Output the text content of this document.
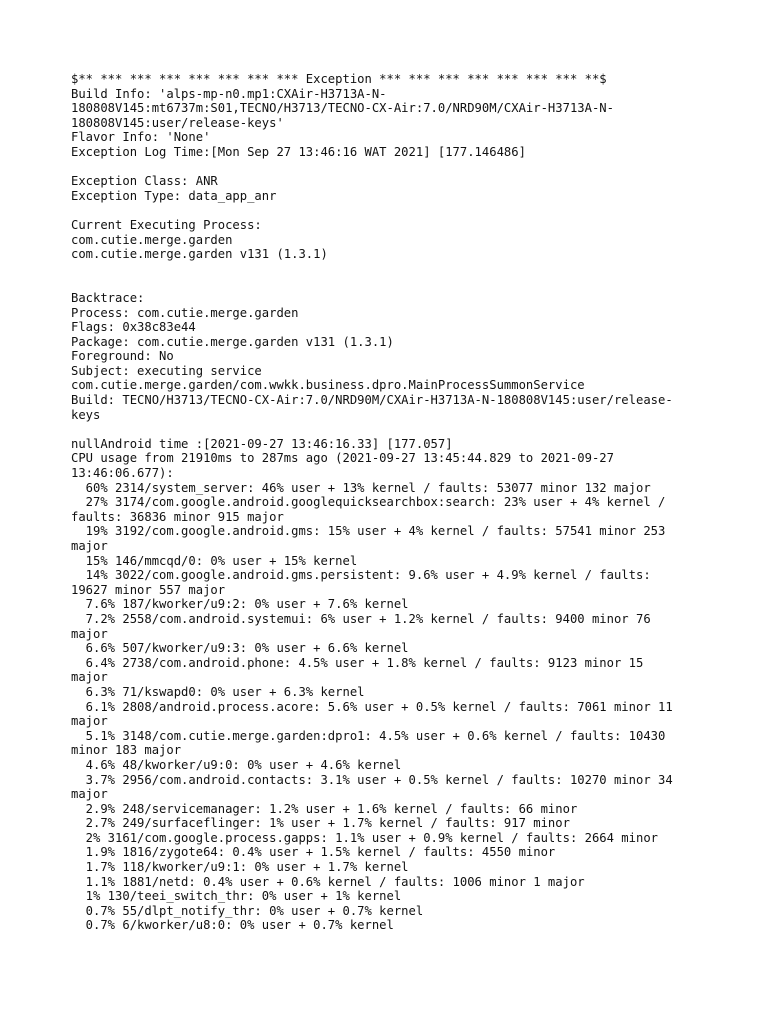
$** *** *** *** *** *** *** *** Exception *** *** *** *** *** *** *** **$
Build Info: 'alps-mp-n0.mp1:CXAir-H3713A-N-
180808V145:mt6737m:S01,TECNO/H3713/TECNO-CX-Air:7.0/NRD90M/CXAir-H3713A-N-
180808V145:user/release-keys'
Flavor Info: 'None'
Exception Log Time:[Mon Sep 27 13:46:16 WAT 2021] [177.146486]
Exception Class: ANR
Exception Type: data_app_anr
Current Executing Process:
com.cutie.merge.garden
com.cutie.merge.garden v131 (1.3.1)
Backtrace:
Process: com.cutie.merge.garden
Flags: 0x38c83e44
Package: com.cutie.merge.garden v131 (1.3.1)
Foreground: No
Subject: executing service
com.cutie.merge.garden/com.wwkk.business.dpro.MainProcessSummonService
Build: TECNO/H3713/TECNO-CX-Air:7.0/NRD90M/CXAir-H3713A-N-180808V145:user/release-
keys
nullAndroid time :[2021-09-27 13:46:16.33] [177.057]
CPU usage from 21910ms to 287ms ago (2021-09-27 13:45:44.829 to 2021-09-27
13:46:06.677):
60% 2314/system_server: 46% user + 13% kernel / faults: 53077 minor 132 major
27% 3174/com.google.android.googlequicksearchbox:search: 23% user + 4% kernel /
faults: 36836 minor 915 major
19% 3192/com.google.android.gms: 15% user + 4% kernel / faults: 57541 minor 253
major
15% 146/mmcqd/0: 0% user + 15% kernel
14% 3022/com.google.android.gms.persistent: 9.6% user + 4.9% kernel / faults:
19627 minor 557 major
7.6% 187/kworker/u9:2: 0% user + 7.6% kernel
7.2% 2558/com.android.systemui: 6% user + 1.2% kernel / faults: 9400 minor 76
major
6.6% 507/kworker/u9:3: 0% user + 6.6% kernel
6.4% 2738/com.android.phone: 4.5% user + 1.8% kernel / faults: 9123 minor 15
major
6.3% 71/kswapd0: 0% user + 6.3% kernel
6.1% 2808/android.process.acore: 5.6% user + 0.5% kernel / faults: 7061 minor 11
major
5.1% 3148/com.cutie.merge.garden:dpro1: 4.5% user + 0.6% kernel / faults: 10430
minor 183 major
4.6% 48/kworker/u9:0: 0% user + 4.6% kernel
3.7% 2956/com.android.contacts: 3.1% user + 0.5% kernel / faults: 10270 minor 34
major
2.9% 248/servicemanager: 1.2% user + 1.6% kernel / faults: 66 minor
2.7% 249/surfaceflinger: 1% user + 1.7% kernel / faults: 917 minor
2% 3161/com.google.process.gapps: 1.1% user + 0.9% kernel / faults: 2664 minor
1.9% 1816/zygote64: 0.4% user + 1.5% kernel / faults: 4550 minor
1.7% 118/kworker/u9:1: 0% user + 1.7% kernel
1.1% 1881/netd: 0.4% user + 0.6% kernel / faults: 1006 minor 1 major
1% 130/teei_switch_thr: 0% user + 1% kernel
0.7% 55/dlpt_notify_thr: 0% user + 0.7% kernel
0.7% 6/kworker/u8:0: 0% user + 0.7% kernel
